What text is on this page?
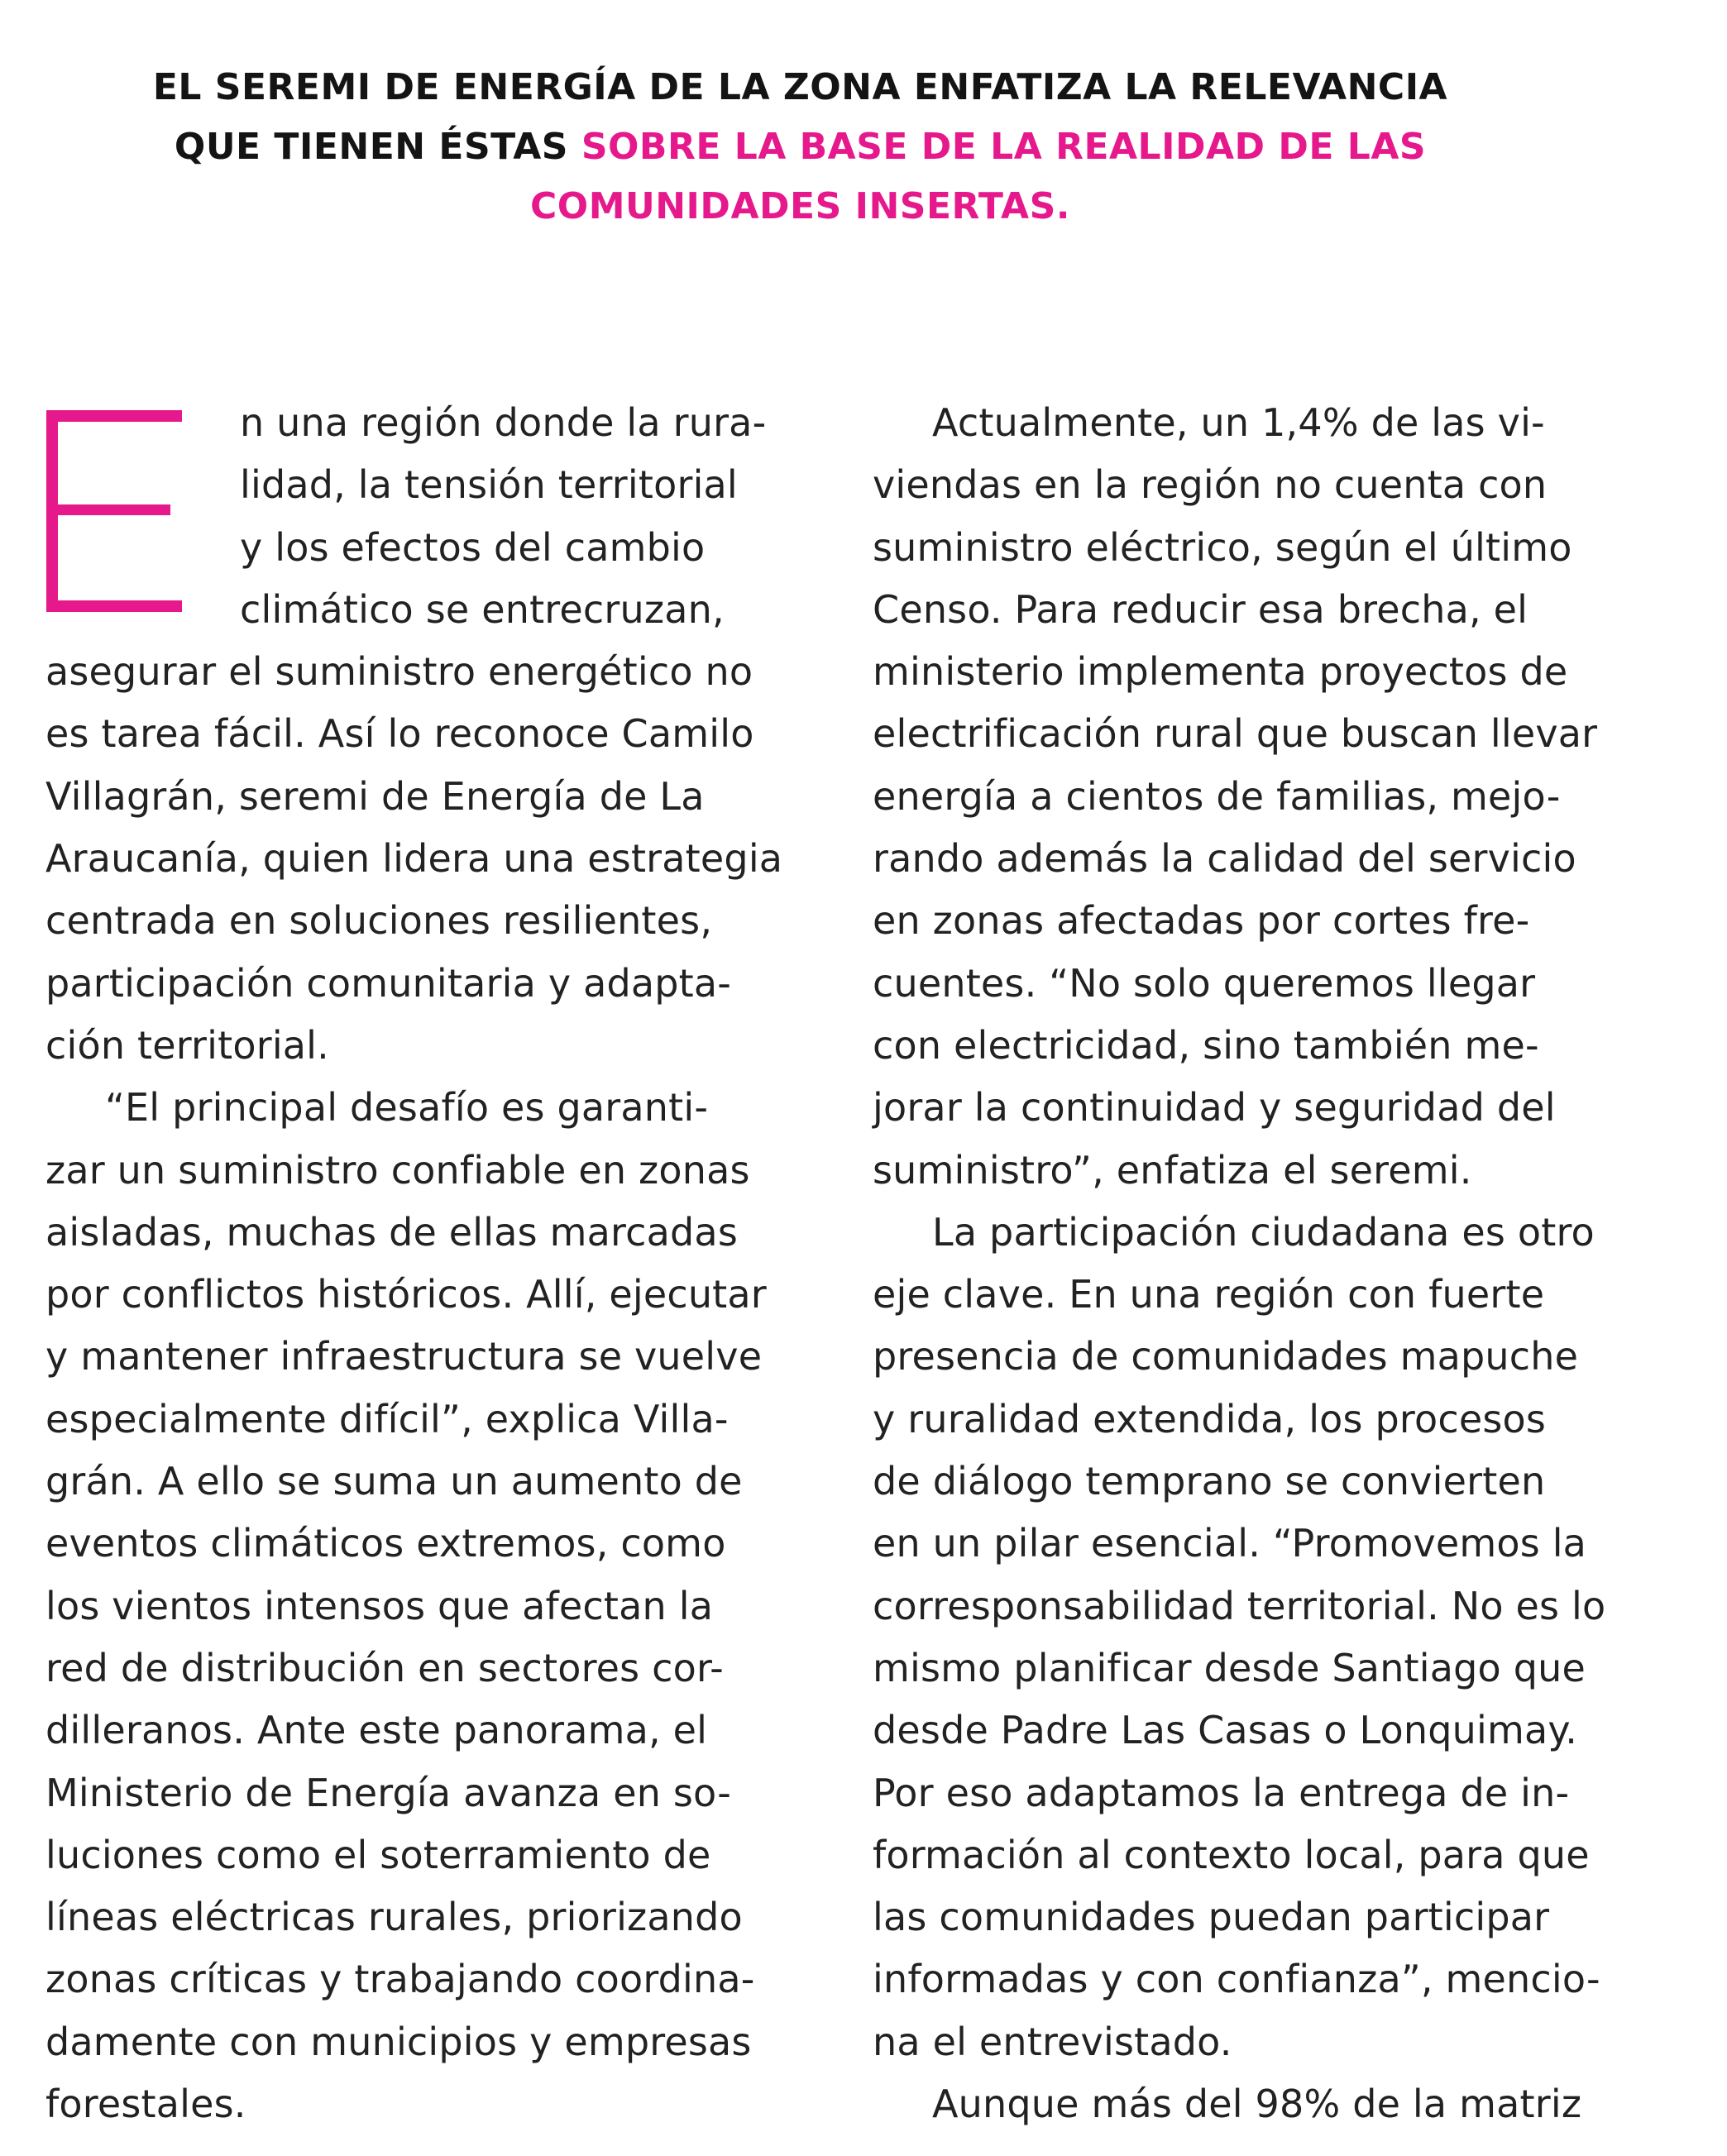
EL SEREMI DE ENERGÍA DE LA ZONA ENFATIZA LA RELEVANCIA
QUE TIENEN ÉSTAS SOBRE LA BASE DE LA REALIDAD DE LAS
COMUNIDADES INSERTAS.
n una región donde la rura-
lidad, la tensión territorial
y los efectos del cambio
climático se entrecruzan,
asegurar el suministro energético no
es tarea fácil. Así lo reconoce Camilo
Villagrán, seremi de Energía de La
Araucanía, quien lidera una estrategia
centrada en soluciones resilientes,
participación comunitaria y adapta-
ción territorial.
“El principal desafío es garanti-
zar un suministro confiable en zonas
aisladas, muchas de ellas marcadas
por conflictos históricos. Allí, ejecutar
y mantener infraestructura se vuelve
especialmente difícil”, explica Villa-
grán. A ello se suma un aumento de
eventos climáticos extremos, como
los vientos intensos que afectan la
red de distribución en sectores cor-
dilleranos. Ante este panorama, el
Ministerio de Energía avanza en so-
luciones como el soterramiento de
líneas eléctricas rurales, priorizando
zonas críticas y trabajando coordina-
damente con municipios y empresas
forestales.
Actualmente, un 1,4% de las vi-
viendas en la región no cuenta con
suministro eléctrico, según el último
Censo. Para reducir esa brecha, el
ministerio implementa proyectos de
electrificación rural que buscan llevar
energía a cientos de familias, mejo-
rando además la calidad del servicio
en zonas afectadas por cortes fre-
cuentes. “No solo queremos llegar
con electricidad, sino también me-
jorar la continuidad y seguridad del
suministro”, enfatiza el seremi.
La participación ciudadana es otro
eje clave. En una región con fuerte
presencia de comunidades mapuche
y ruralidad extendida, los procesos
de diálogo temprano se convierten
en un pilar esencial. “Promovemos la
corresponsabilidad territorial. No es lo
mismo planificar desde Santiago que
desde Padre Las Casas o Lonquimay.
Por eso adaptamos la entrega de in-
formación al contexto local, para que
las comunidades puedan participar
informadas y con confianza”, mencio-
na el entrevistado.
Aunque más del 98% de la matriz
